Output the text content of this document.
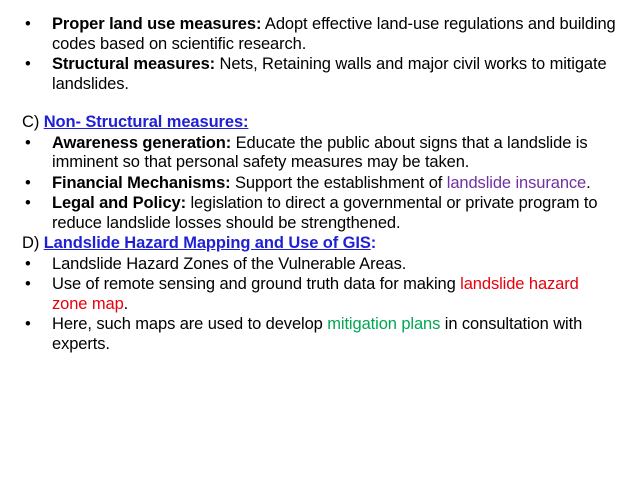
• Proper land use measures: Adopt effective land-use regulations and building codes based on scientific research.
• Structural measures: Nets, Retaining walls and major civil works to mitigate landslides.
C) Non- Structural measures:
• Awareness generation: Educate the public about signs that a landslide is imminent so that personal safety measures may be taken.
• Financial Mechanisms: Support the establishment of landslide insurance.
• Legal and Policy: legislation to direct a governmental or private program to reduce landslide losses should be strengthened.
D) Landslide Hazard Mapping and Use of GIS:
• Landslide Hazard Zones of the Vulnerable Areas.
• Use of remote sensing and ground truth data for making landslide hazard zone map.
• Here, such maps are used to develop mitigation plans in consultation with experts.
